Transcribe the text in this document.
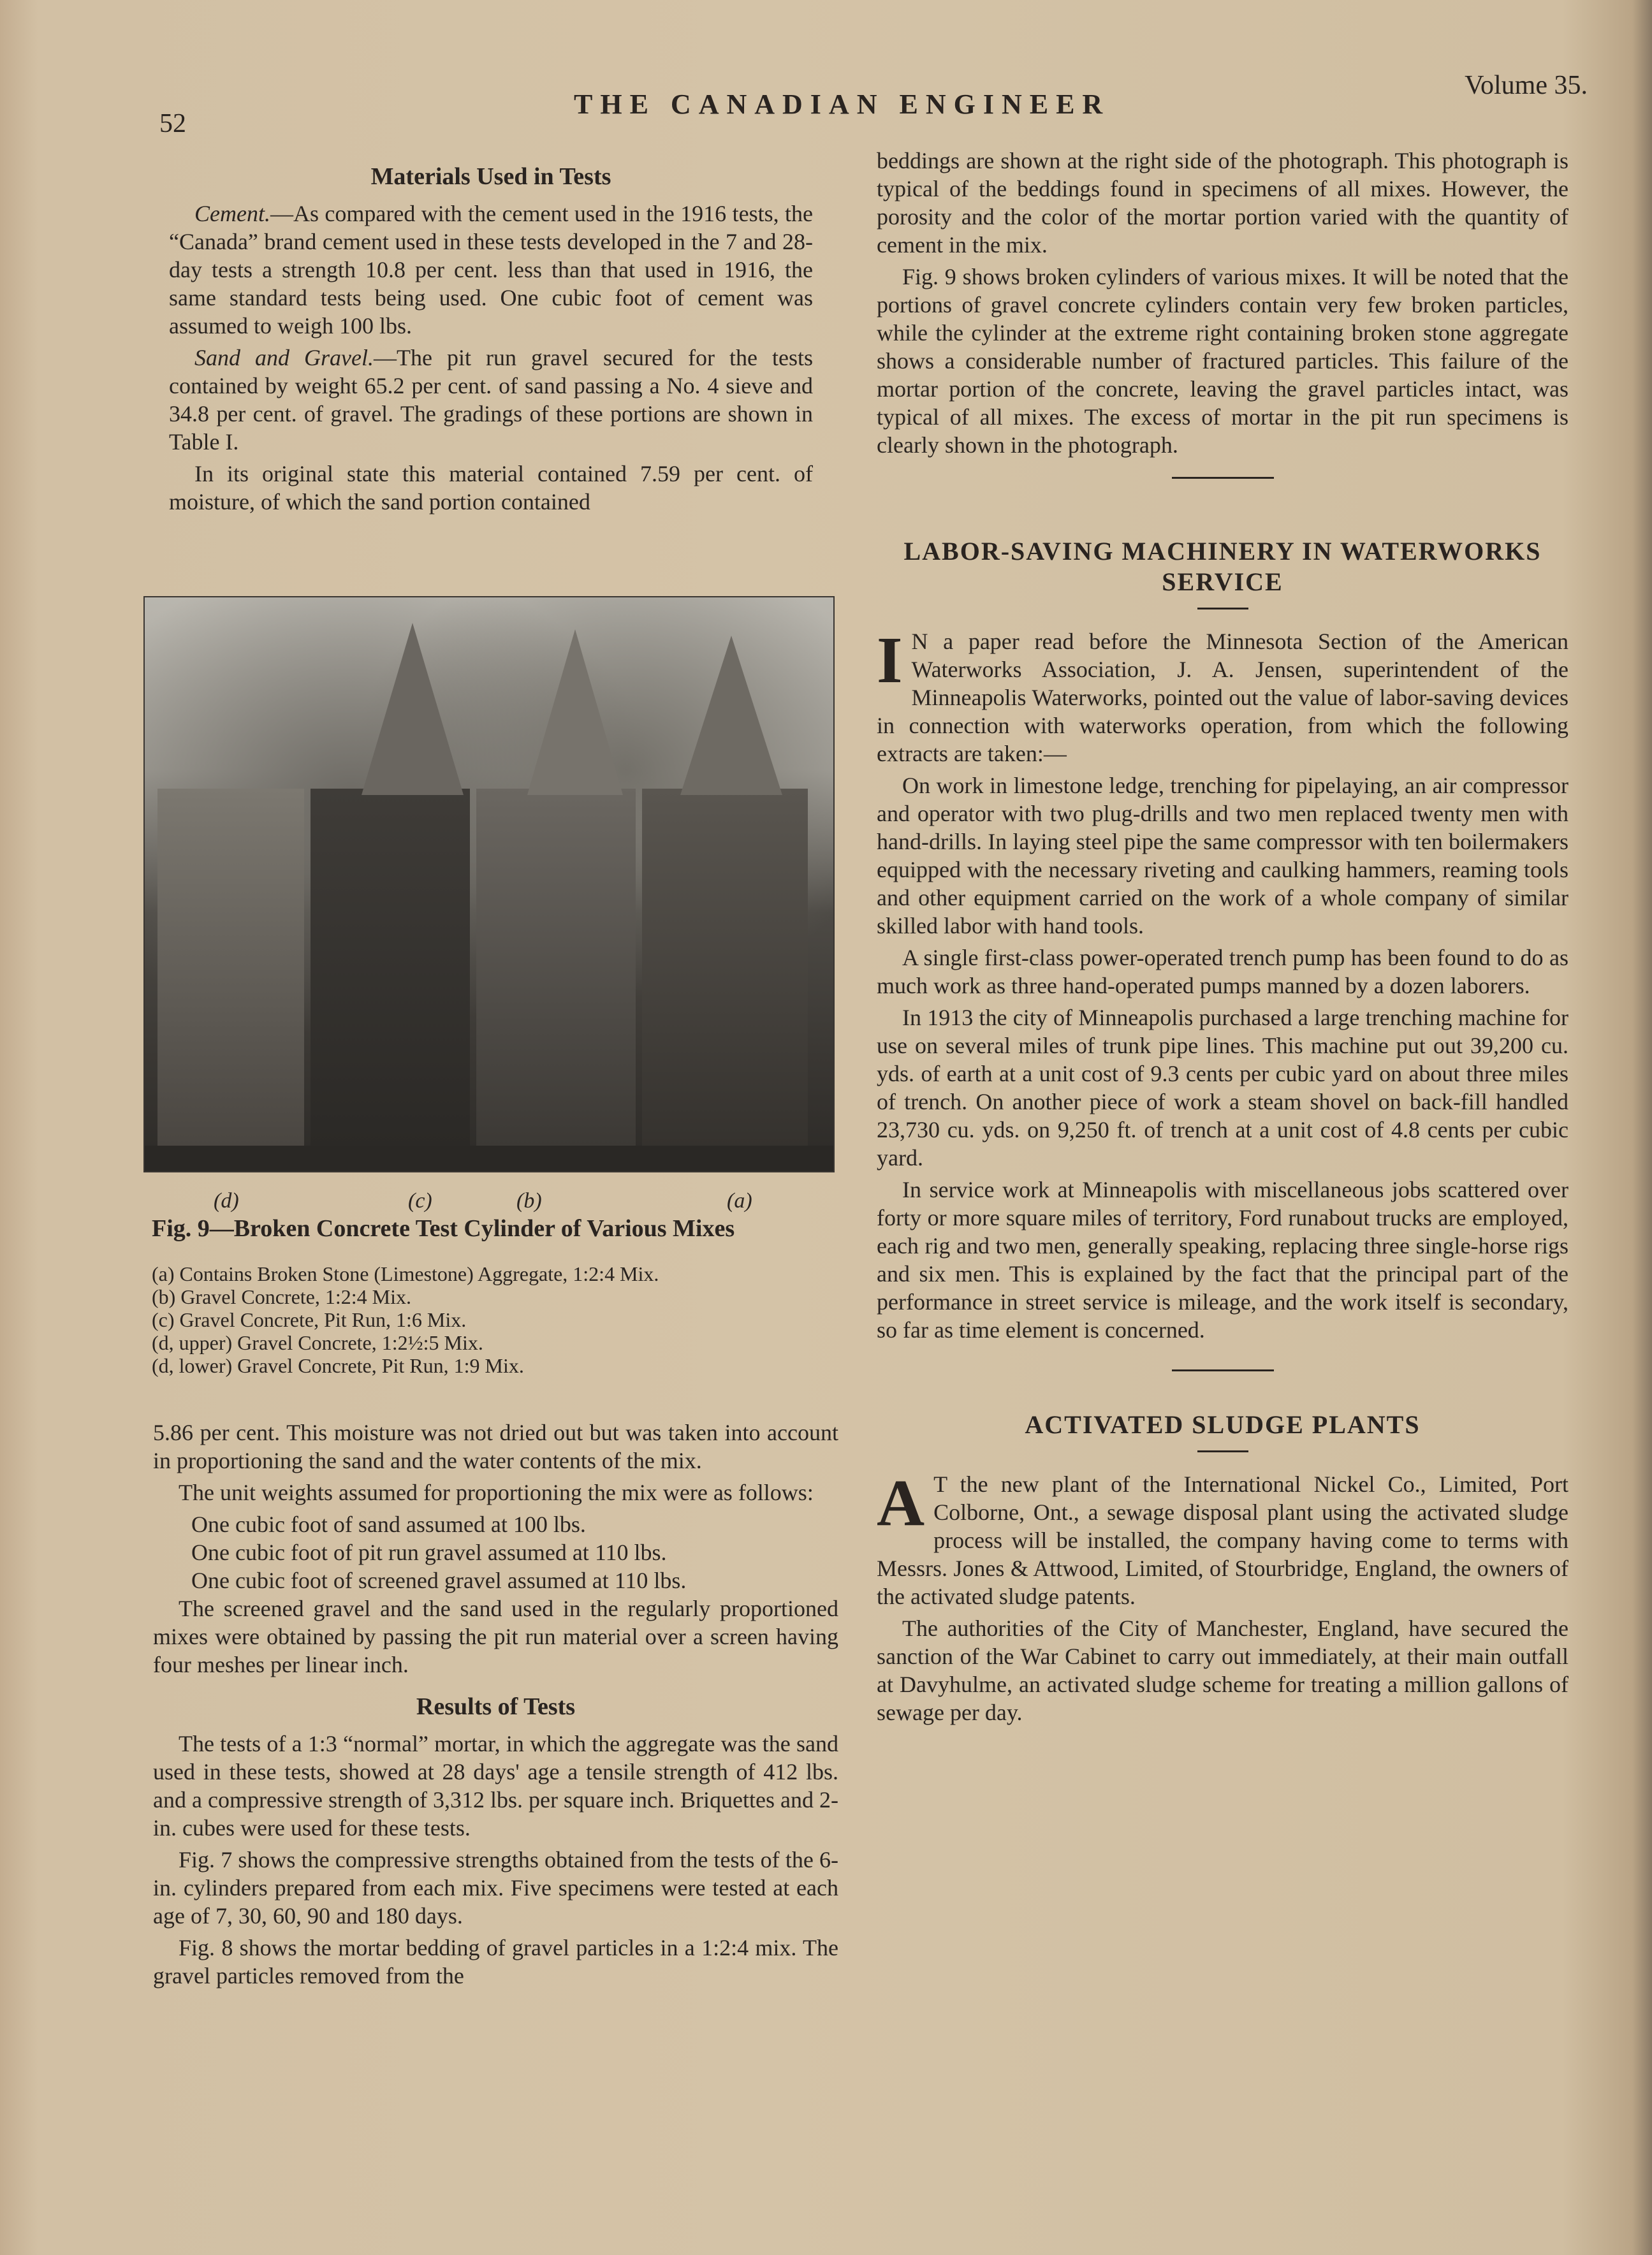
52
THE CANADIAN ENGINEER
Volume 35.
Materials Used in Tests

Cement.—As compared with the cement used in the 1916 tests, the “Canada” brand cement used in these tests developed in the 7 and 28-day tests a strength 10.8 per cent. less than that used in 1916, the same standard tests being used. One cubic foot of cement was assumed to weigh 100 lbs.

Sand and Gravel.—The pit run gravel secured for the tests contained by weight 65.2 per cent. of sand passing a No. 4 sieve and 34.8 per cent. of gravel. The gradings of these portions are shown in Table I.

In its original state this material contained 7.59 per cent. of moisture, of which the sand portion contained

(d)	(c)	(b)	(a)
Fig. 9—Broken Concrete Test Cylinder of Various Mixes

(a) Contains Broken Stone (Limestone) Aggregate, 1:2:4 Mix.

(b) Gravel Concrete, 1:2:4 Mix.

(c) Gravel Concrete, Pit Run, 1:6 Mix.

(d, upper) Gravel Concrete, 1:2½:5 Mix.

(d, lower) Gravel Concrete, Pit Run, 1:9 Mix.

5.86 per cent. This moisture was not dried out but was taken into account in proportioning the sand and the water contents of the mix.

The unit weights assumed for proportioning the mix were as follows:

One cubic foot of sand assumed at 100 lbs.

One cubic foot of pit run gravel assumed at 110 lbs.

One cubic foot of screened gravel assumed at 110 lbs.

The screened gravel and the sand used in the regularly proportioned mixes were obtained by passing the pit run material over a screen having four meshes per linear inch.

Results of Tests

The tests of a 1:3 “normal” mortar, in which the aggregate was the sand used in these tests, showed at 28 days' age a tensile strength of 412 lbs. and a compressive strength of 3,312 lbs. per square inch. Briquettes and 2-in. cubes were used for these tests.

Fig. 7 shows the compressive strengths obtained from the tests of the 6-in. cylinders prepared from each mix. Five specimens were tested at each age of 7, 30, 60, 90 and 180 days.

Fig. 8 shows the mortar bedding of gravel particles in a 1:2:4 mix. The gravel particles removed from the

beddings are shown at the right side of the photograph. This photograph is typical of the beddings found in specimens of all mixes. However, the porosity and the color of the mortar portion varied with the quantity of cement in the mix.

Fig. 9 shows broken cylinders of various mixes. It will be noted that the portions of gravel concrete cylinders contain very few broken particles, while the cylinder at the extreme right containing broken stone aggregate shows a considerable number of fractured particles. This failure of the mortar portion of the concrete, leaving the gravel particles intact, was typical of all mixes. The excess of mortar in the pit run specimens is clearly shown in the photograph.

LABOR-SAVING MACHINERY IN WATERWORKS SERVICE

I N a paper read before the Minnesota Section of the American Waterworks Association, J. A. Jensen, superintendent of the Minneapolis Waterworks, pointed out the value of labor-saving devices in connection with waterworks operation, from which the following extracts are taken:—

On work in limestone ledge, trenching for pipelaying, an air compressor and operator with two plug-drills and two men replaced twenty men with hand-drills. In laying steel pipe the same compressor with ten boilermakers equipped with the necessary riveting and caulking hammers, reaming tools and other equipment carried on the work of a whole company of similar skilled labor with hand tools.

A single first-class power-operated trench pump has been found to do as much work as three hand-operated pumps manned by a dozen laborers.

In 1913 the city of Minneapolis purchased a large trenching machine for use on several miles of trunk pipe lines. This machine put out 39,200 cu. yds. of earth at a unit cost of 9.3 cents per cubic yard on about three miles of trench. On another piece of work a steam shovel on back-fill handled 23,730 cu. yds. on 9,250 ft. of trench at a unit cost of 4.8 cents per cubic yard.

In service work at Minneapolis with miscellaneous jobs scattered over forty or more square miles of territory, Ford runabout trucks are employed, each rig and two men, generally speaking, replacing three single-horse rigs and six men. This is explained by the fact that the principal part of the performance in street service is mileage, and the work itself is secondary, so far as time element is concerned.

ACTIVATED SLUDGE PLANTS

A T the new plant of the International Nickel Co., Limited, Port Colborne, Ont., a sewage disposal plant using the activated sludge process will be installed, the company having come to terms with Messrs. Jones & Attwood, Limited, of Stourbridge, England, the owners of the activated sludge patents.

The authorities of the City of Manchester, England, have secured the sanction of the War Cabinet to carry out immediately, at their main outfall at Davyhulme, an activated sludge scheme for treating a million gallons of sewage per day.
